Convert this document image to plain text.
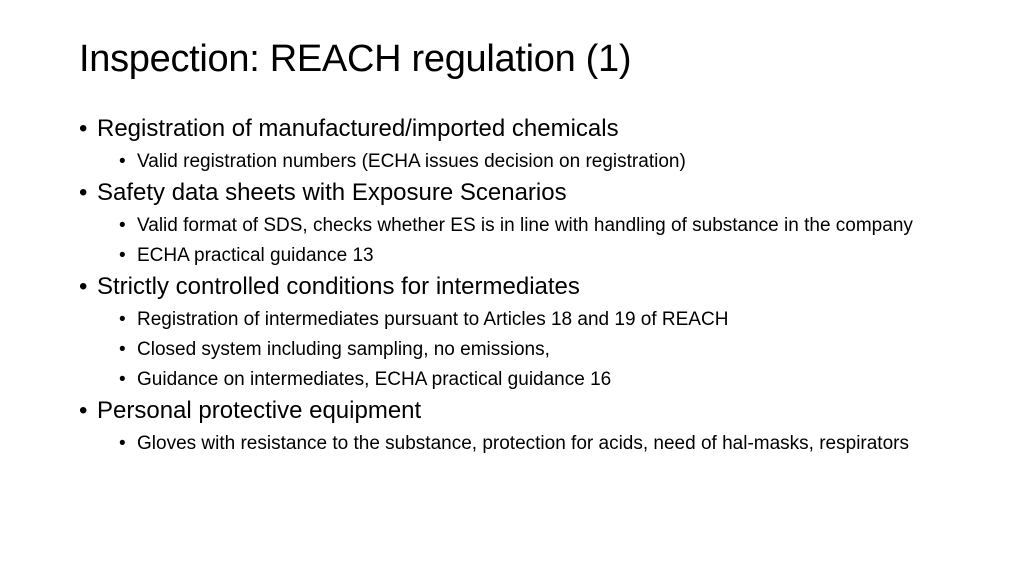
Inspection: REACH regulation (1)
• Registration of manufactured/imported chemicals
• Valid registration numbers (ECHA issues decision on registration)
• Safety data sheets with Exposure Scenarios
• Valid format of SDS, checks whether ES is in line with handling of substance in the company
• ECHA practical guidance 13
• Strictly controlled conditions for intermediates
• Registration of intermediates pursuant to Articles 18 and 19 of REACH
• Closed system including sampling, no emissions,
• Guidance on intermediates, ECHA practical guidance 16
• Personal protective equipment
• Gloves with resistance to the substance, protection for acids, need of hal-masks, respirators
